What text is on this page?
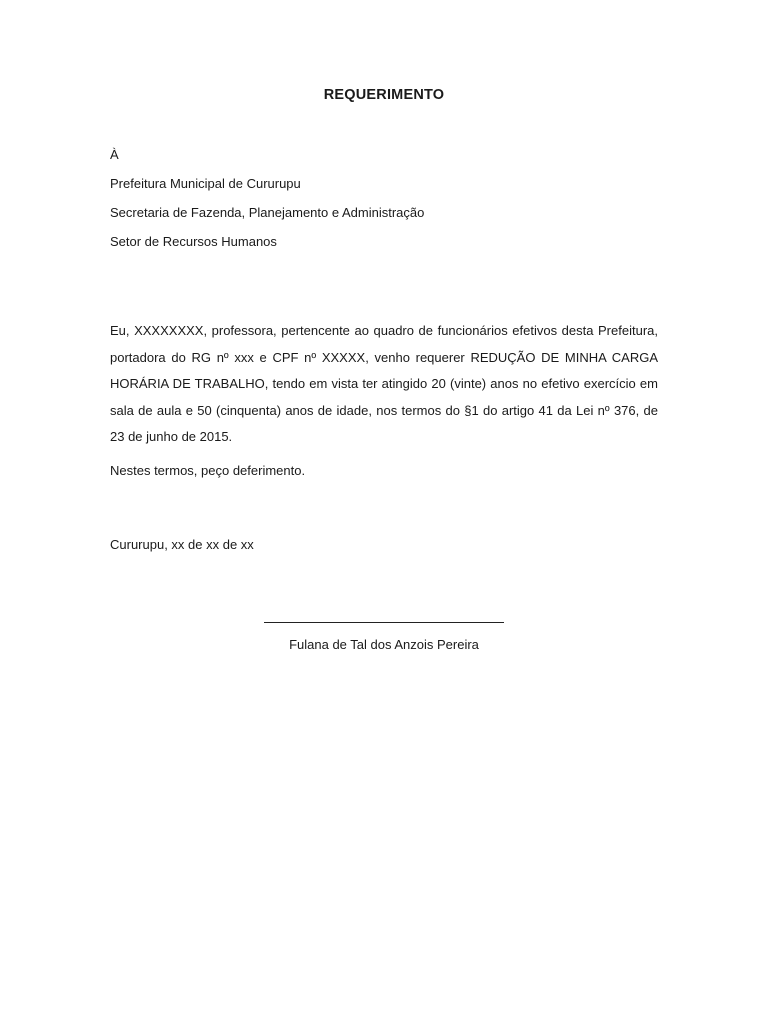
REQUERIMENTO
À
Prefeitura Municipal de Cururupu
Secretaria de Fazenda, Planejamento e Administração
Setor de Recursos Humanos
Eu, XXXXXXXX, professora, pertencente ao quadro de funcionários efetivos desta Prefeitura, portadora do RG nº xxx e CPF nº XXXXX, venho requerer REDUÇÃO DE MINHA CARGA HORÁRIA DE TRABALHO, tendo em vista ter atingido 20 (vinte) anos no efetivo exercício em sala de aula e 50 (cinquenta) anos de idade, nos termos do §1 do artigo 41 da Lei nº 376, de 23 de junho de 2015.
Nestes termos, peço deferimento.
Cururupu, xx de xx de xx
Fulana de Tal dos Anzois Pereira
